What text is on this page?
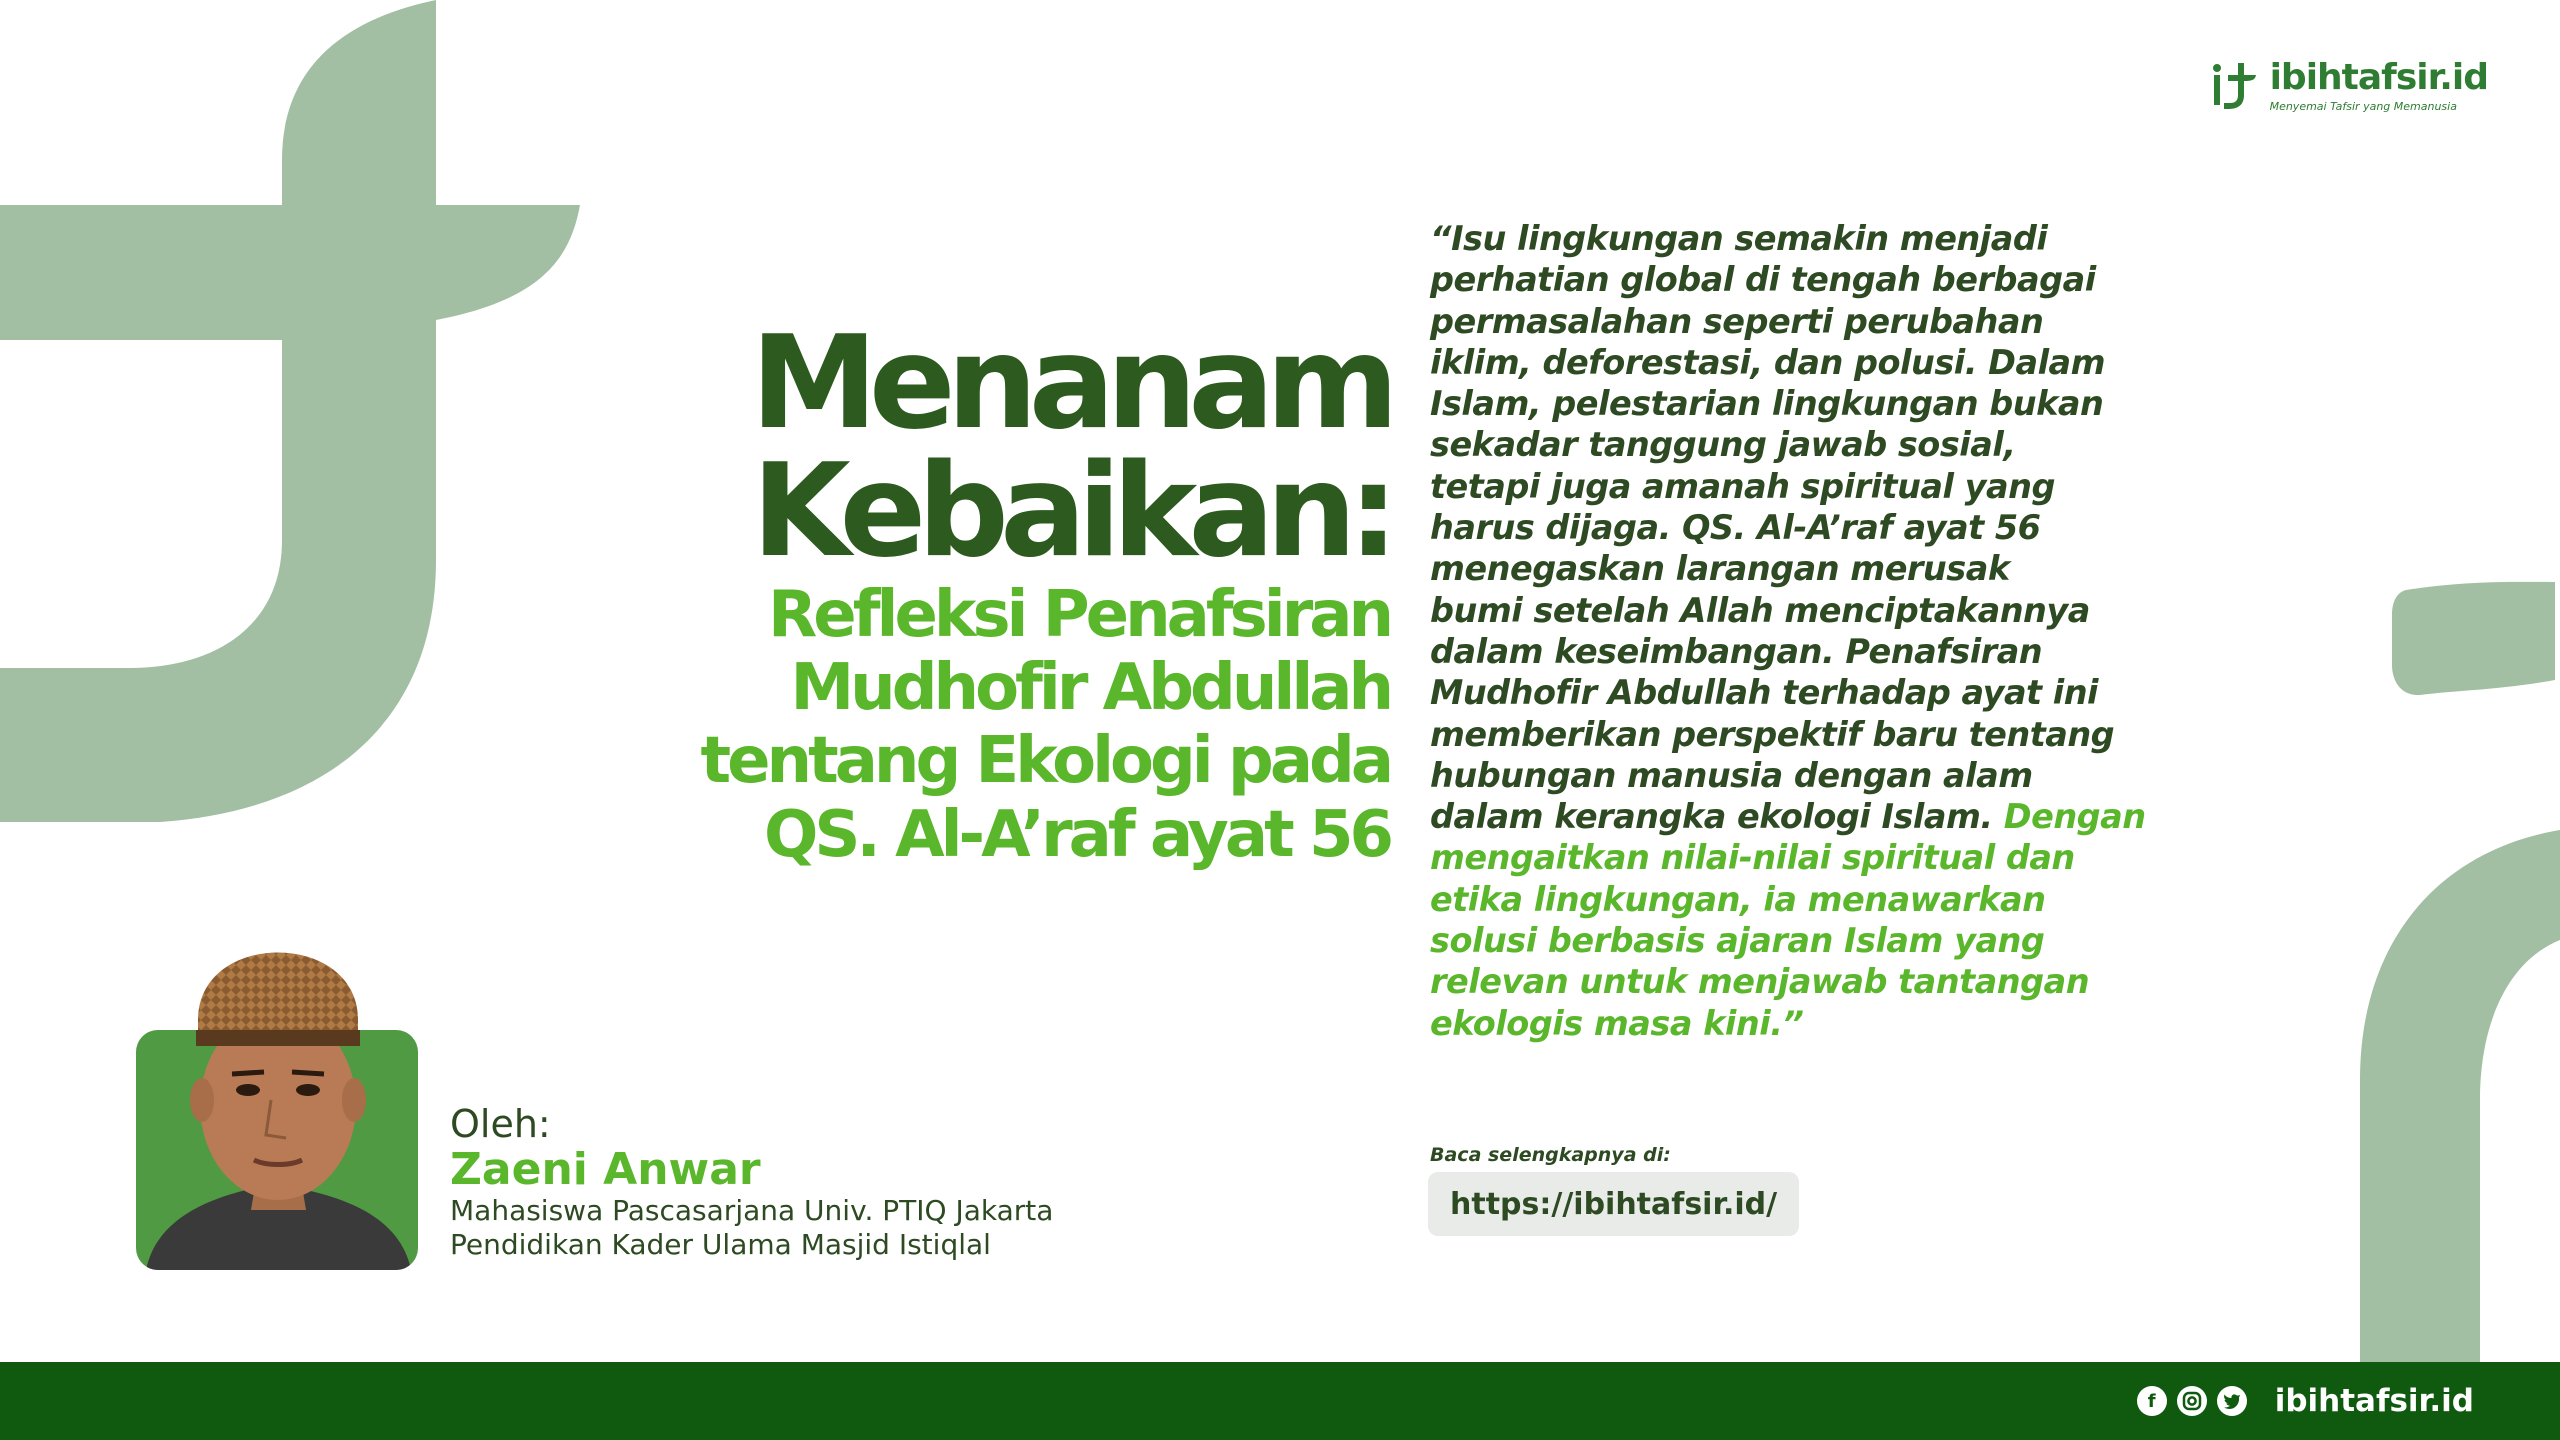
ibihtafsir.id
Menyemai Tafsir yang Memanusia
Menanam
Kebaikan:
Refleksi Penafsiran
Mudhofir Abdullah
tentang Ekologi pada
QS. Al-A’raf ayat 56
“Isu lingkungan semakin menjadi
perhatian global di tengah berbagai
permasalahan seperti perubahan
iklim, deforestasi, dan polusi. Dalam
Islam, pelestarian lingkungan bukan
sekadar tanggung jawab sosial,
tetapi juga amanah spiritual yang
harus dijaga. QS. Al-A’raf ayat 56
menegaskan larangan merusak
bumi setelah Allah menciptakannya
dalam keseimbangan. Penafsiran
Mudhofir Abdullah terhadap ayat ini
memberikan perspektif baru tentang
hubungan manusia dengan alam
dalam kerangka ekologi Islam. Dengan
mengaitkan nilai-nilai spiritual dan
etika lingkungan, ia menawarkan
solusi berbasis ajaran Islam yang
relevan untuk menjawab tantangan
ekologis masa kini.”
Baca selengkapnya di:
https://ibihtafsir.id/
Oleh:
Zaeni Anwar
Mahasiswa Pascasarjana Univ. PTIQ Jakarta
Pendidikan Kader Ulama Masjid Istiqlal
f	ibihtafsir.id
